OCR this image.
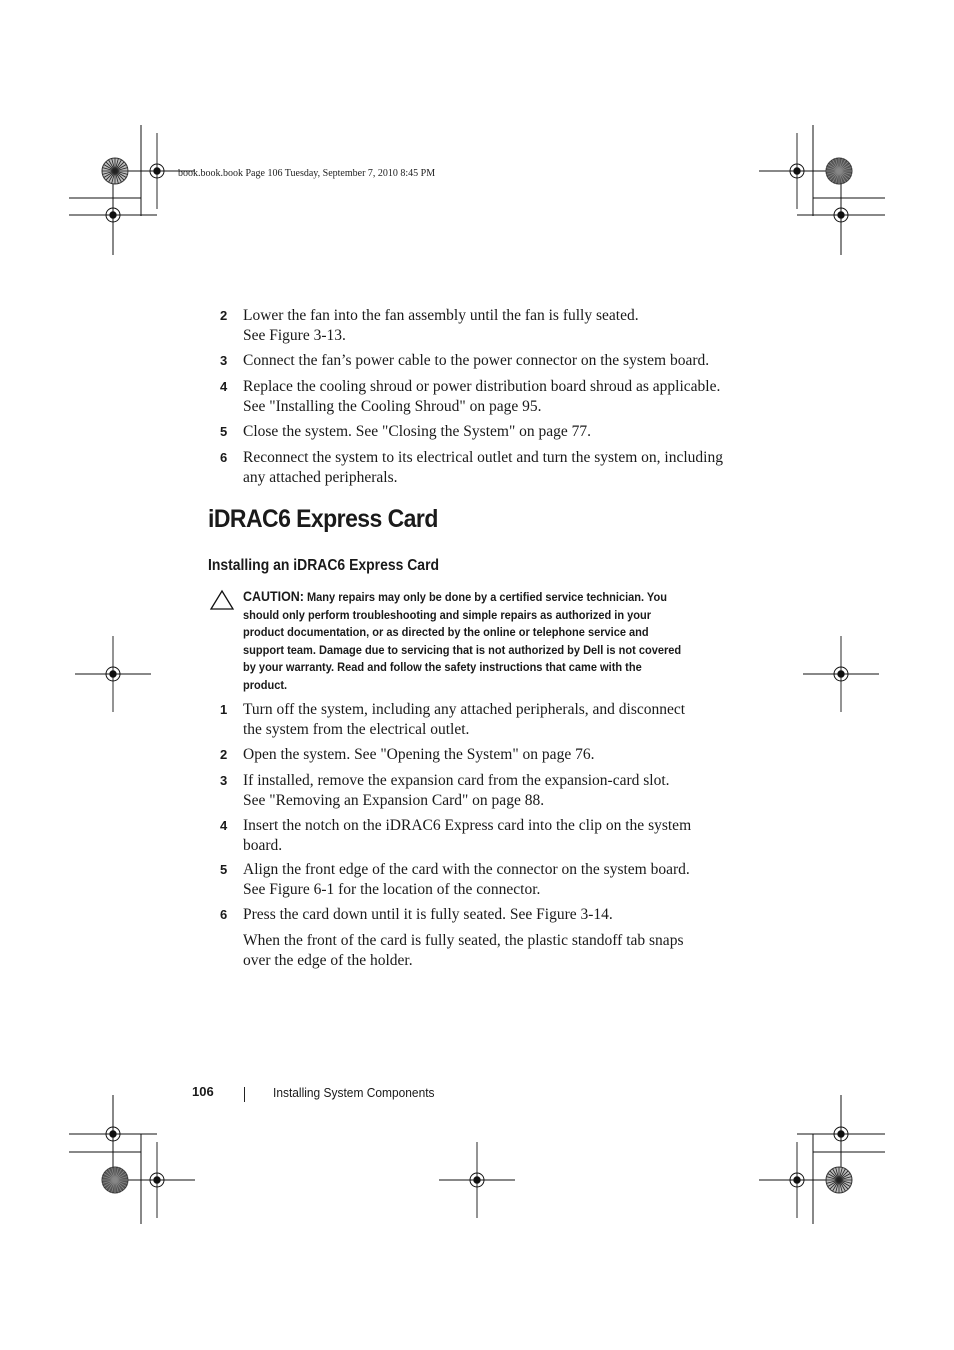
book.book.book Page 106 Tuesday, September 7, 2010 8:45 PM
2	Lower the fan into the fan assembly until the fan is fully seated.
See Figure 3-13.
3	Connect the fan’s power cable to the power connector on the system board.
4	Replace the cooling shroud or power distribution board shroud as applicable.
See "Installing the Cooling Shroud" on page 95.
5	Close the system. See "Closing the System" on page 77.
6	Reconnect the system to its electrical outlet and turn the system on, including
any attached peripherals.
iDRAC6 Express Card
Installing an iDRAC6 Express Card
CAUTION: Many repairs may only be done by a certified service technician. You
should only perform troubleshooting and simple repairs as authorized in your
product documentation, or as directed by the online or telephone service and
support team. Damage due to servicing that is not authorized by Dell is not covered
by your warranty. Read and follow the safety instructions that came with the
product.
1	Turn off the system, including any attached peripherals, and disconnect
the system from the electrical outlet.
2	Open the system. See "Opening the System" on page 76.
3	If installed, remove the expansion card from the expansion-card slot.
See "Removing an Expansion Card" on page 88.
4	Insert the notch on the iDRAC6 Express card into the clip on the system
board.
5	Align the front edge of the card with the connector on the system board.
See Figure 6-1 for the location of the connector.
6	Press the card down until it is fully seated. See Figure 3-14.
When the front of the card is fully seated, the plastic standoff tab snaps
over the edge of the holder.
106	Installing System Components
